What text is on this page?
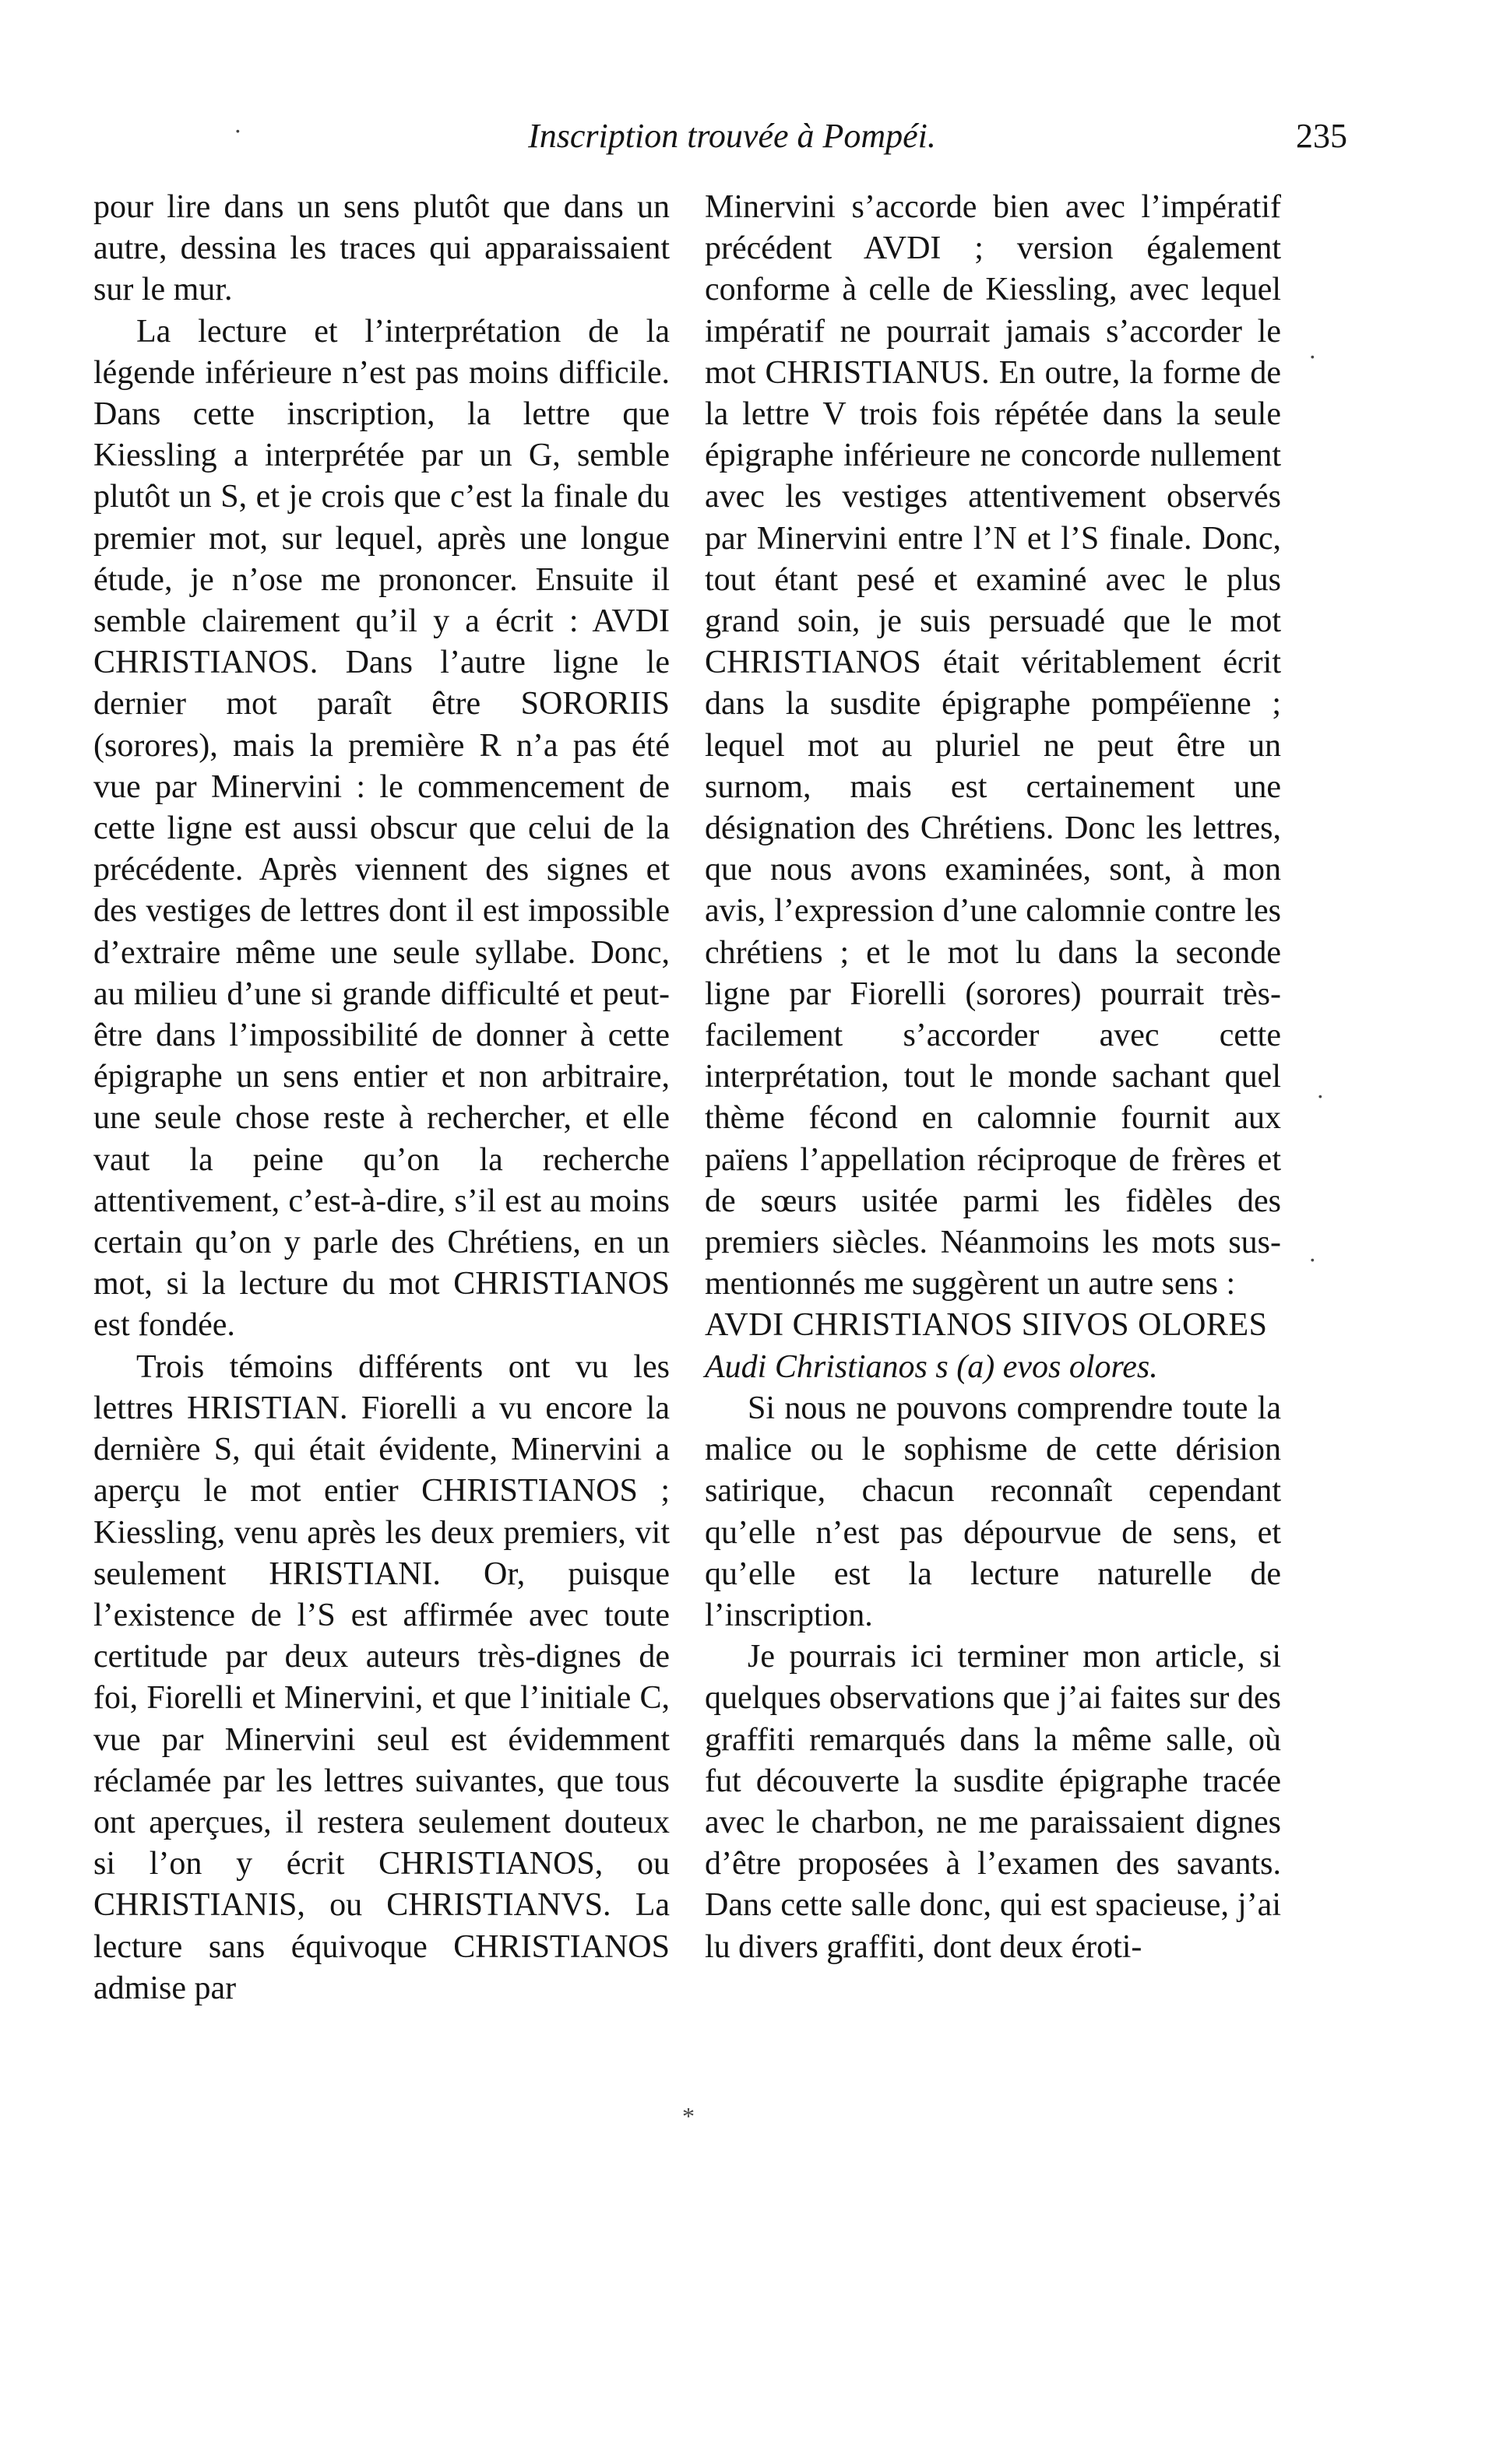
Inscription trouvée à Pompéi.	235

pour lire dans un sens plutôt que dans un autre, dessina les traces qui apparaissaient sur le mur.

La lecture et l’interprétation de la légende inférieure n’est pas moins difficile. Dans cette inscription, la lettre que Kiessling a interprétée par un G, semble plutôt un S, et je crois que c’est la finale du premier mot, sur lequel, après une longue étude, je n’ose me prononcer. Ensuite il semble clairement qu’il y a écrit : AVDI CHRISTIANOS. Dans l’autre ligne le dernier mot paraît être SORORIIS (sorores), mais la première R n’a pas été vue par Minervini : le commencement de cette ligne est aussi obscur que celui de la précédente. Après viennent des signes et des vestiges de lettres dont il est impossible d’extraire même une seule syllabe. Donc, au milieu d’une si grande difficulté et peut-être dans l’impossibilité de donner à cette épigraphe un sens entier et non arbitraire, une seule chose reste à rechercher, et elle vaut la peine qu’on la recherche attentivement, c’est-à-dire, s’il est au moins certain qu’on y parle des Chrétiens, en un mot, si la lecture du mot CHRISTIANOS est fondée.

Trois témoins différents ont vu les lettres HRISTIAN. Fiorelli a vu encore la dernière S, qui était évidente, Minervini a aperçu le mot entier CHRISTIANOS ; Kiessling, venu après les deux premiers, vit seulement HRISTIANI. Or, puisque l’existence de l’S est affirmée avec toute certitude par deux auteurs très-dignes de foi, Fiorelli et Minervini, et que l’initiale C, vue par Minervini seul est évidemment réclamée par les lettres suivantes, que tous ont aperçues, il restera seulement douteux si l’on y écrit CHRISTIANOS, ou CHRISTIANIS, ou CHRISTIANVS. La lecture sans équivoque CHRISTIANOS admise par

Minervini s’accorde bien avec l’impératif précédent AVDI ; version également conforme à celle de Kiessling, avec lequel impératif ne pourrait jamais s’accorder le mot CHRISTIANUS. En outre, la forme de la lettre V trois fois répétée dans la seule épigraphe inférieure ne concorde nullement avec les vestiges attentivement observés par Minervini entre l’N et l’S finale. Donc, tout étant pesé et examiné avec le plus grand soin, je suis persuadé que le mot CHRISTIANOS était véritablement écrit dans la susdite épigraphe pompéïenne ; lequel mot au pluriel ne peut être un surnom, mais est certainement une désignation des Chrétiens. Donc les lettres, que nous avons examinées, sont, à mon avis, l’expression d’une calomnie contre les chrétiens ; et le mot lu dans la seconde ligne par Fiorelli (sorores) pourrait très-facilement s’accorder avec cette interprétation, tout le monde sachant quel thème fécond en calomnie fournit aux païens l’appellation réciproque de frères et de sœurs usitée parmi les fidèles des premiers siècles. Néanmoins les mots sus-mentionnés me suggèrent un autre sens :

AVDI CHRISTIANOS SIIVOS OLORES

Audi Christianos s (a) evos olores.

Si nous ne pouvons comprendre toute la malice ou le sophisme de cette dérision satirique, chacun reconnaît cependant qu’elle n’est pas dépourvue de sens, et qu’elle est la lecture naturelle de l’inscription.

Je pourrais ici terminer mon article, si quelques observations que j’ai faites sur des graffiti remarqués dans la même salle, où fut découverte la susdite épigraphe tracée avec le charbon, ne me paraissaient dignes d’être proposées à l’examen des savants. Dans cette salle donc, qui est spacieuse, j’ai lu divers graffiti, dont deux éroti-

·
*
·
·
·
